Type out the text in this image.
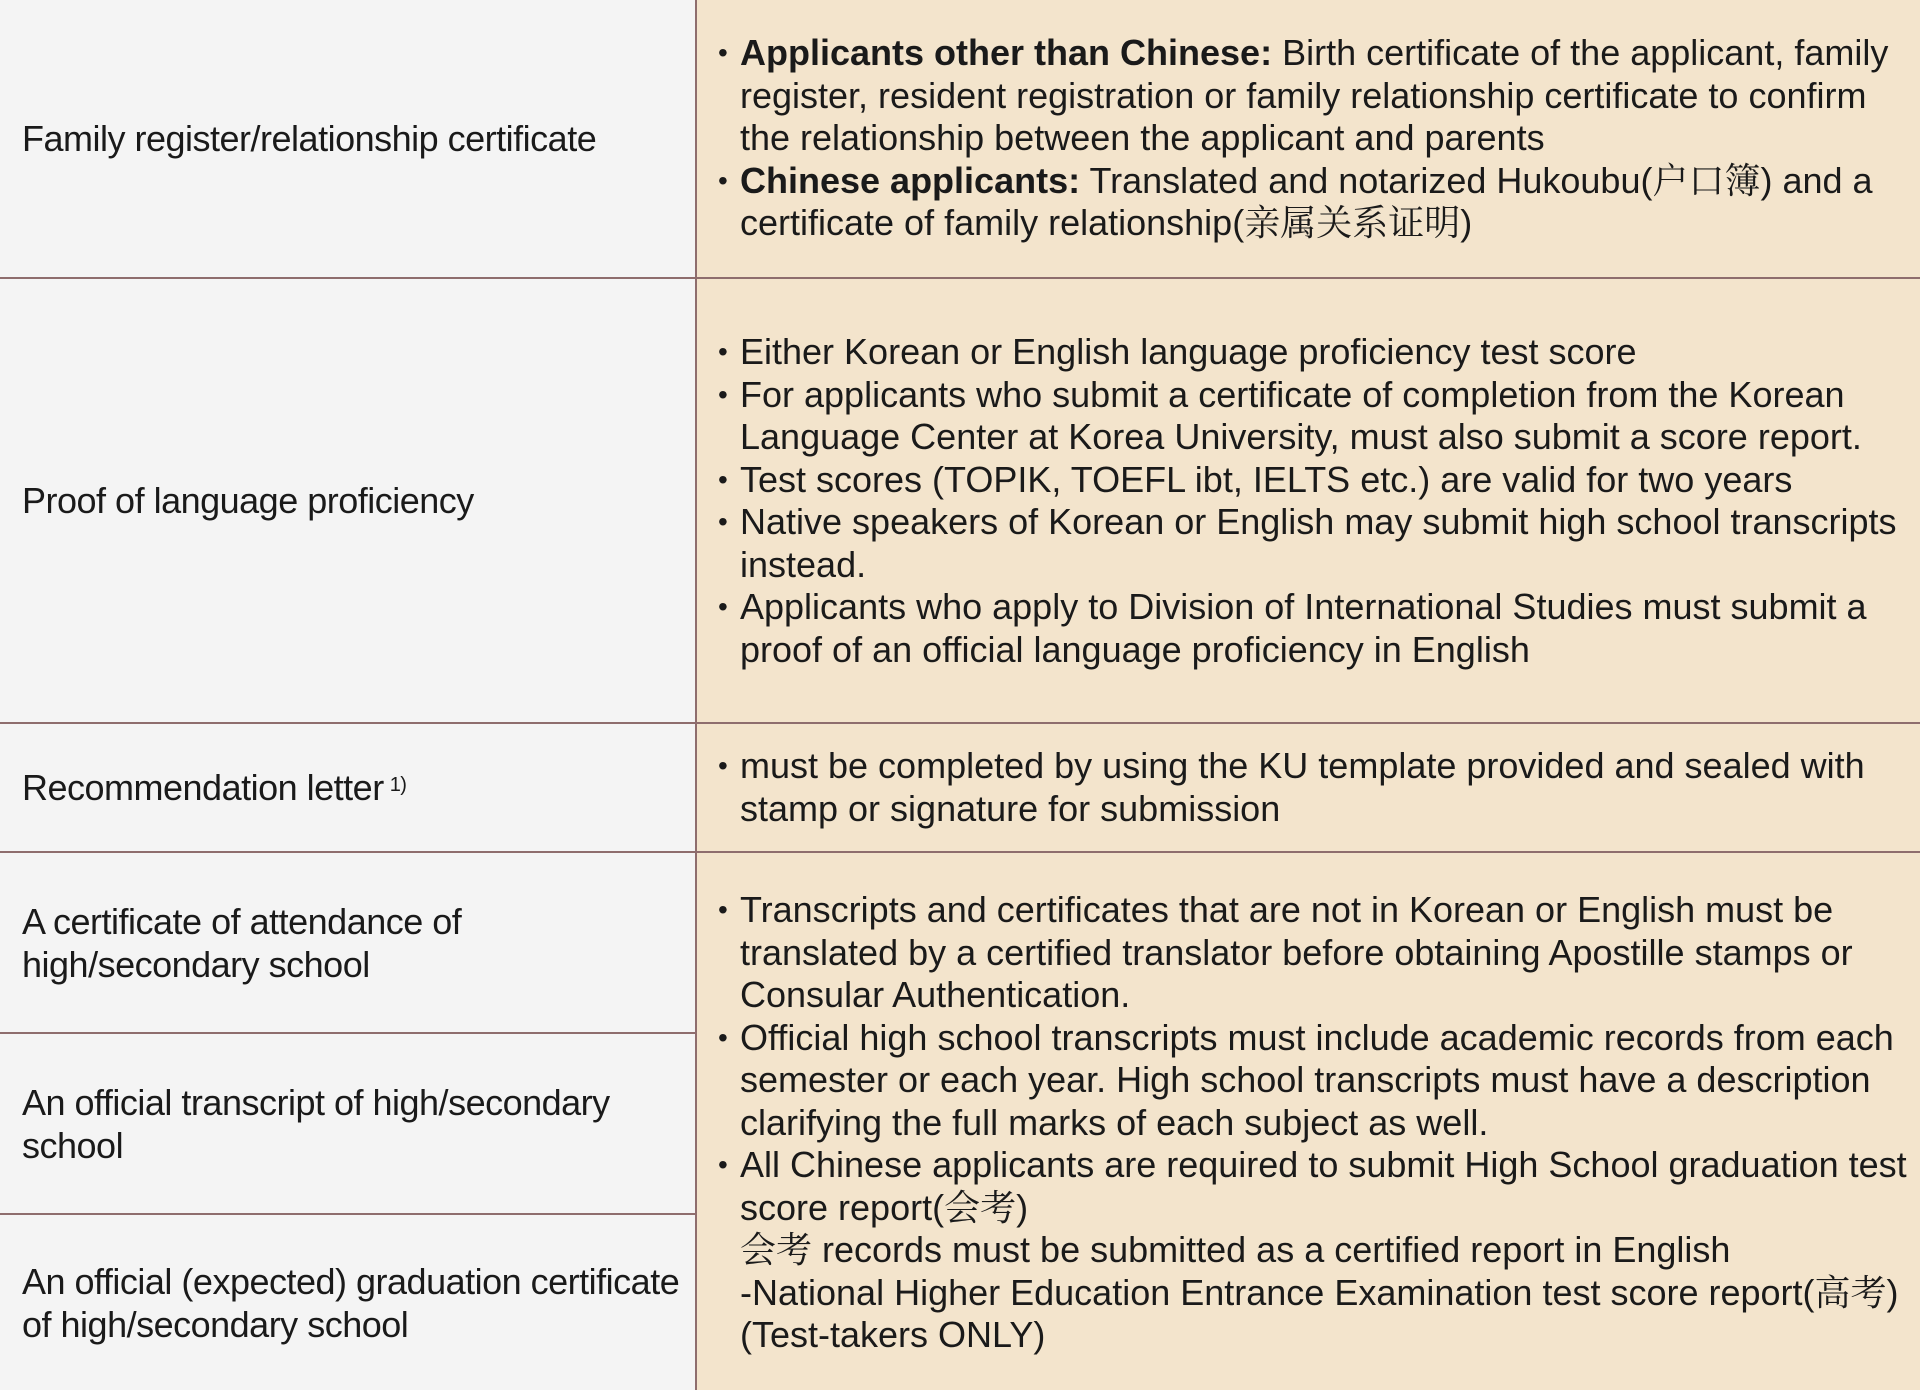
Family register/relationship certificate
• Applicants other than Chinese: Birth certificate of the applicant, family register, resident registration or family relationship certificate to confirm the relationship between the applicant and parents
• Chinese applicants: Translated and notarized Hukoubu(户口簿) and a certificate of family relationship(亲属关系证明)
Proof of language proficiency
• Either Korean or English language proficiency test score
• For applicants who submit a certificate of completion from the Korean Language Center at Korea University, must also submit a score report.
• Test scores (TOPIK, TOEFL ibt, IELTS etc.) are valid for two years
• Native speakers of Korean or English may submit high school transcripts instead.
• Applicants who apply to Division of International Studies must submit a proof of an official language proficiency in English
Recommendation letter $^{1)}$
•	must be completed by using the KU template provided and sealed with stamp or signature for submission
A certificate of attendance of high/secondary school
An official transcript of high/secondary school
An official (expected) graduation certificate of high/secondary school
• Transcripts and certificates that are not in Korean or English must be translated by a certified translator before obtaining Apostille stamps or Consular Authentication.
• Official high school transcripts must include academic records from each semester or each year. High school transcripts must have a description clarifying the full marks of each subject as well.
• All Chinese applicants are required to submit High School graduation test score report(会考)
会考 records must be submitted as a certified report in English
-National Higher Education Entrance Examination test score report(高考)
(Test-takers ONLY)
